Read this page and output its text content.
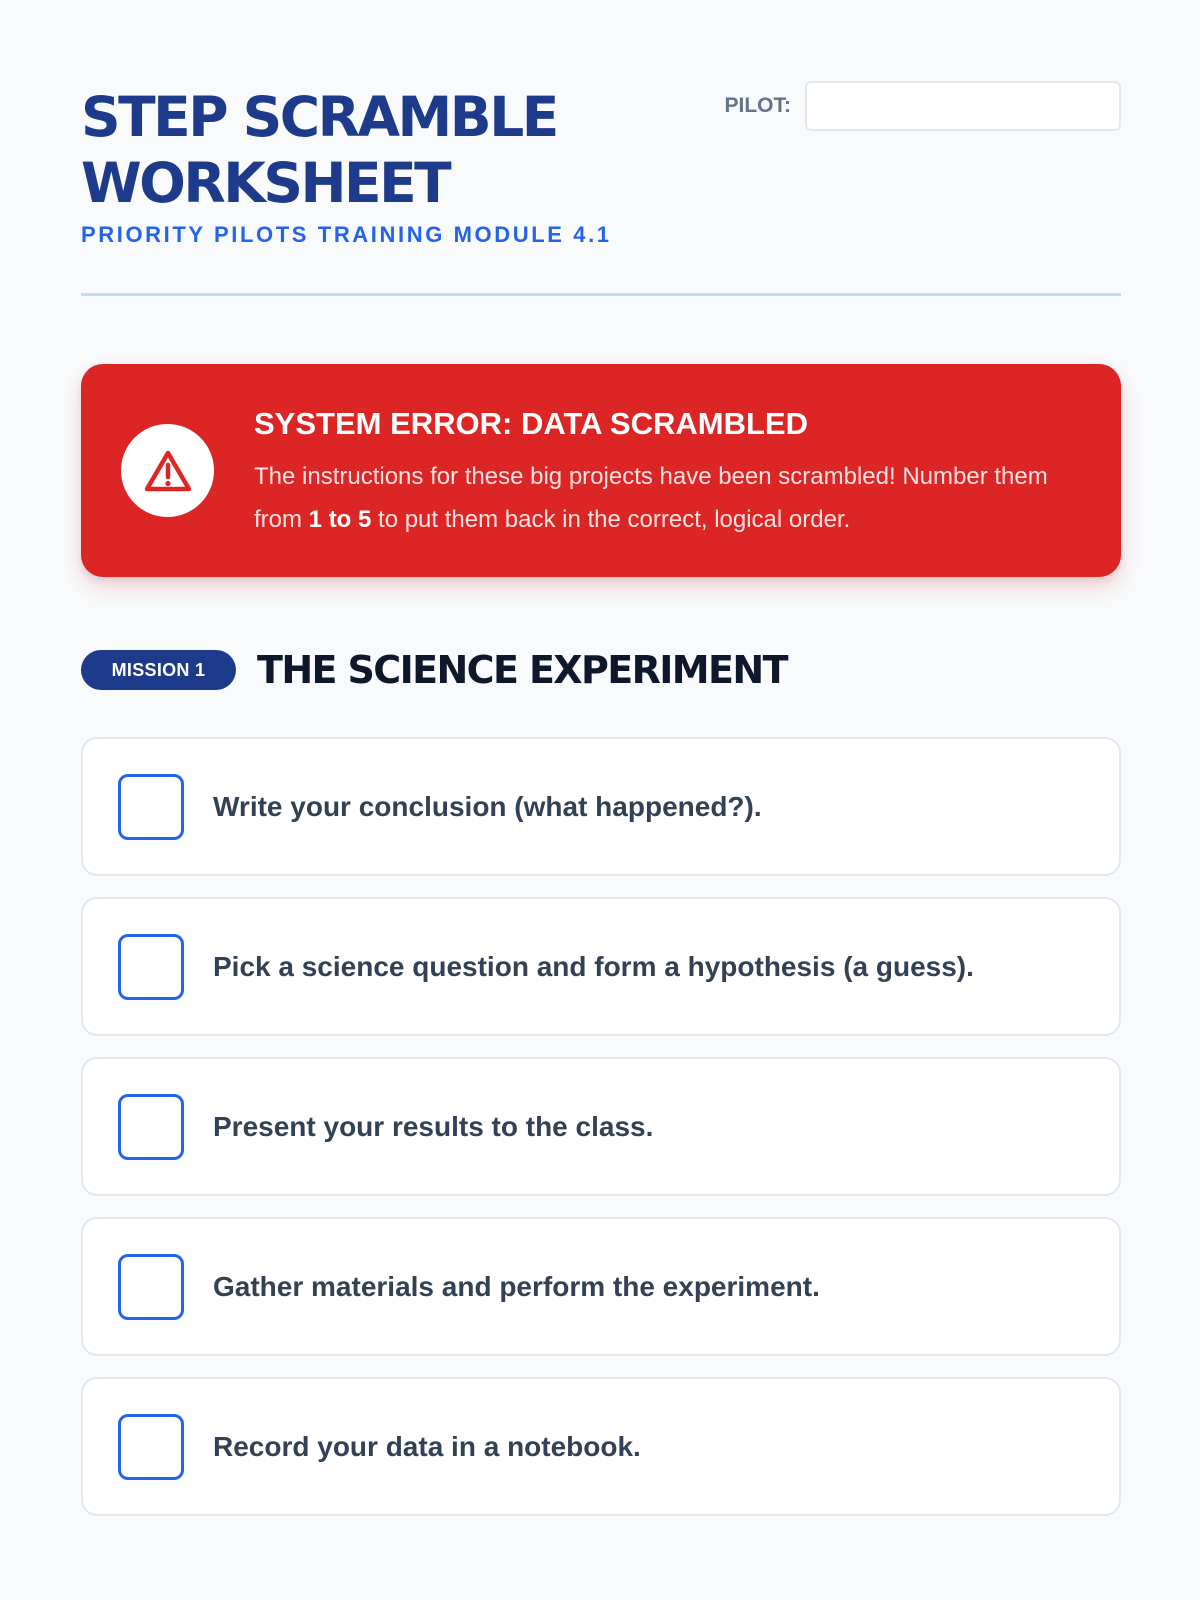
STEP SCRAMBLE
WORKSHEET
PRIORITY PILOTS TRAINING MODULE 4.1
PILOT:
SYSTEM ERROR: DATA SCRAMBLED
The instructions for these big projects have been scrambled! Number them from 1 to 5 to put them back in the correct, logical order.
MISSION 1	THE SCIENCE EXPERIMENT
Write your conclusion (what happened?).
Pick a science question and form a hypothesis (a guess).
Present your results to the class.
Gather materials and perform the experiment.
Record your data in a notebook.
